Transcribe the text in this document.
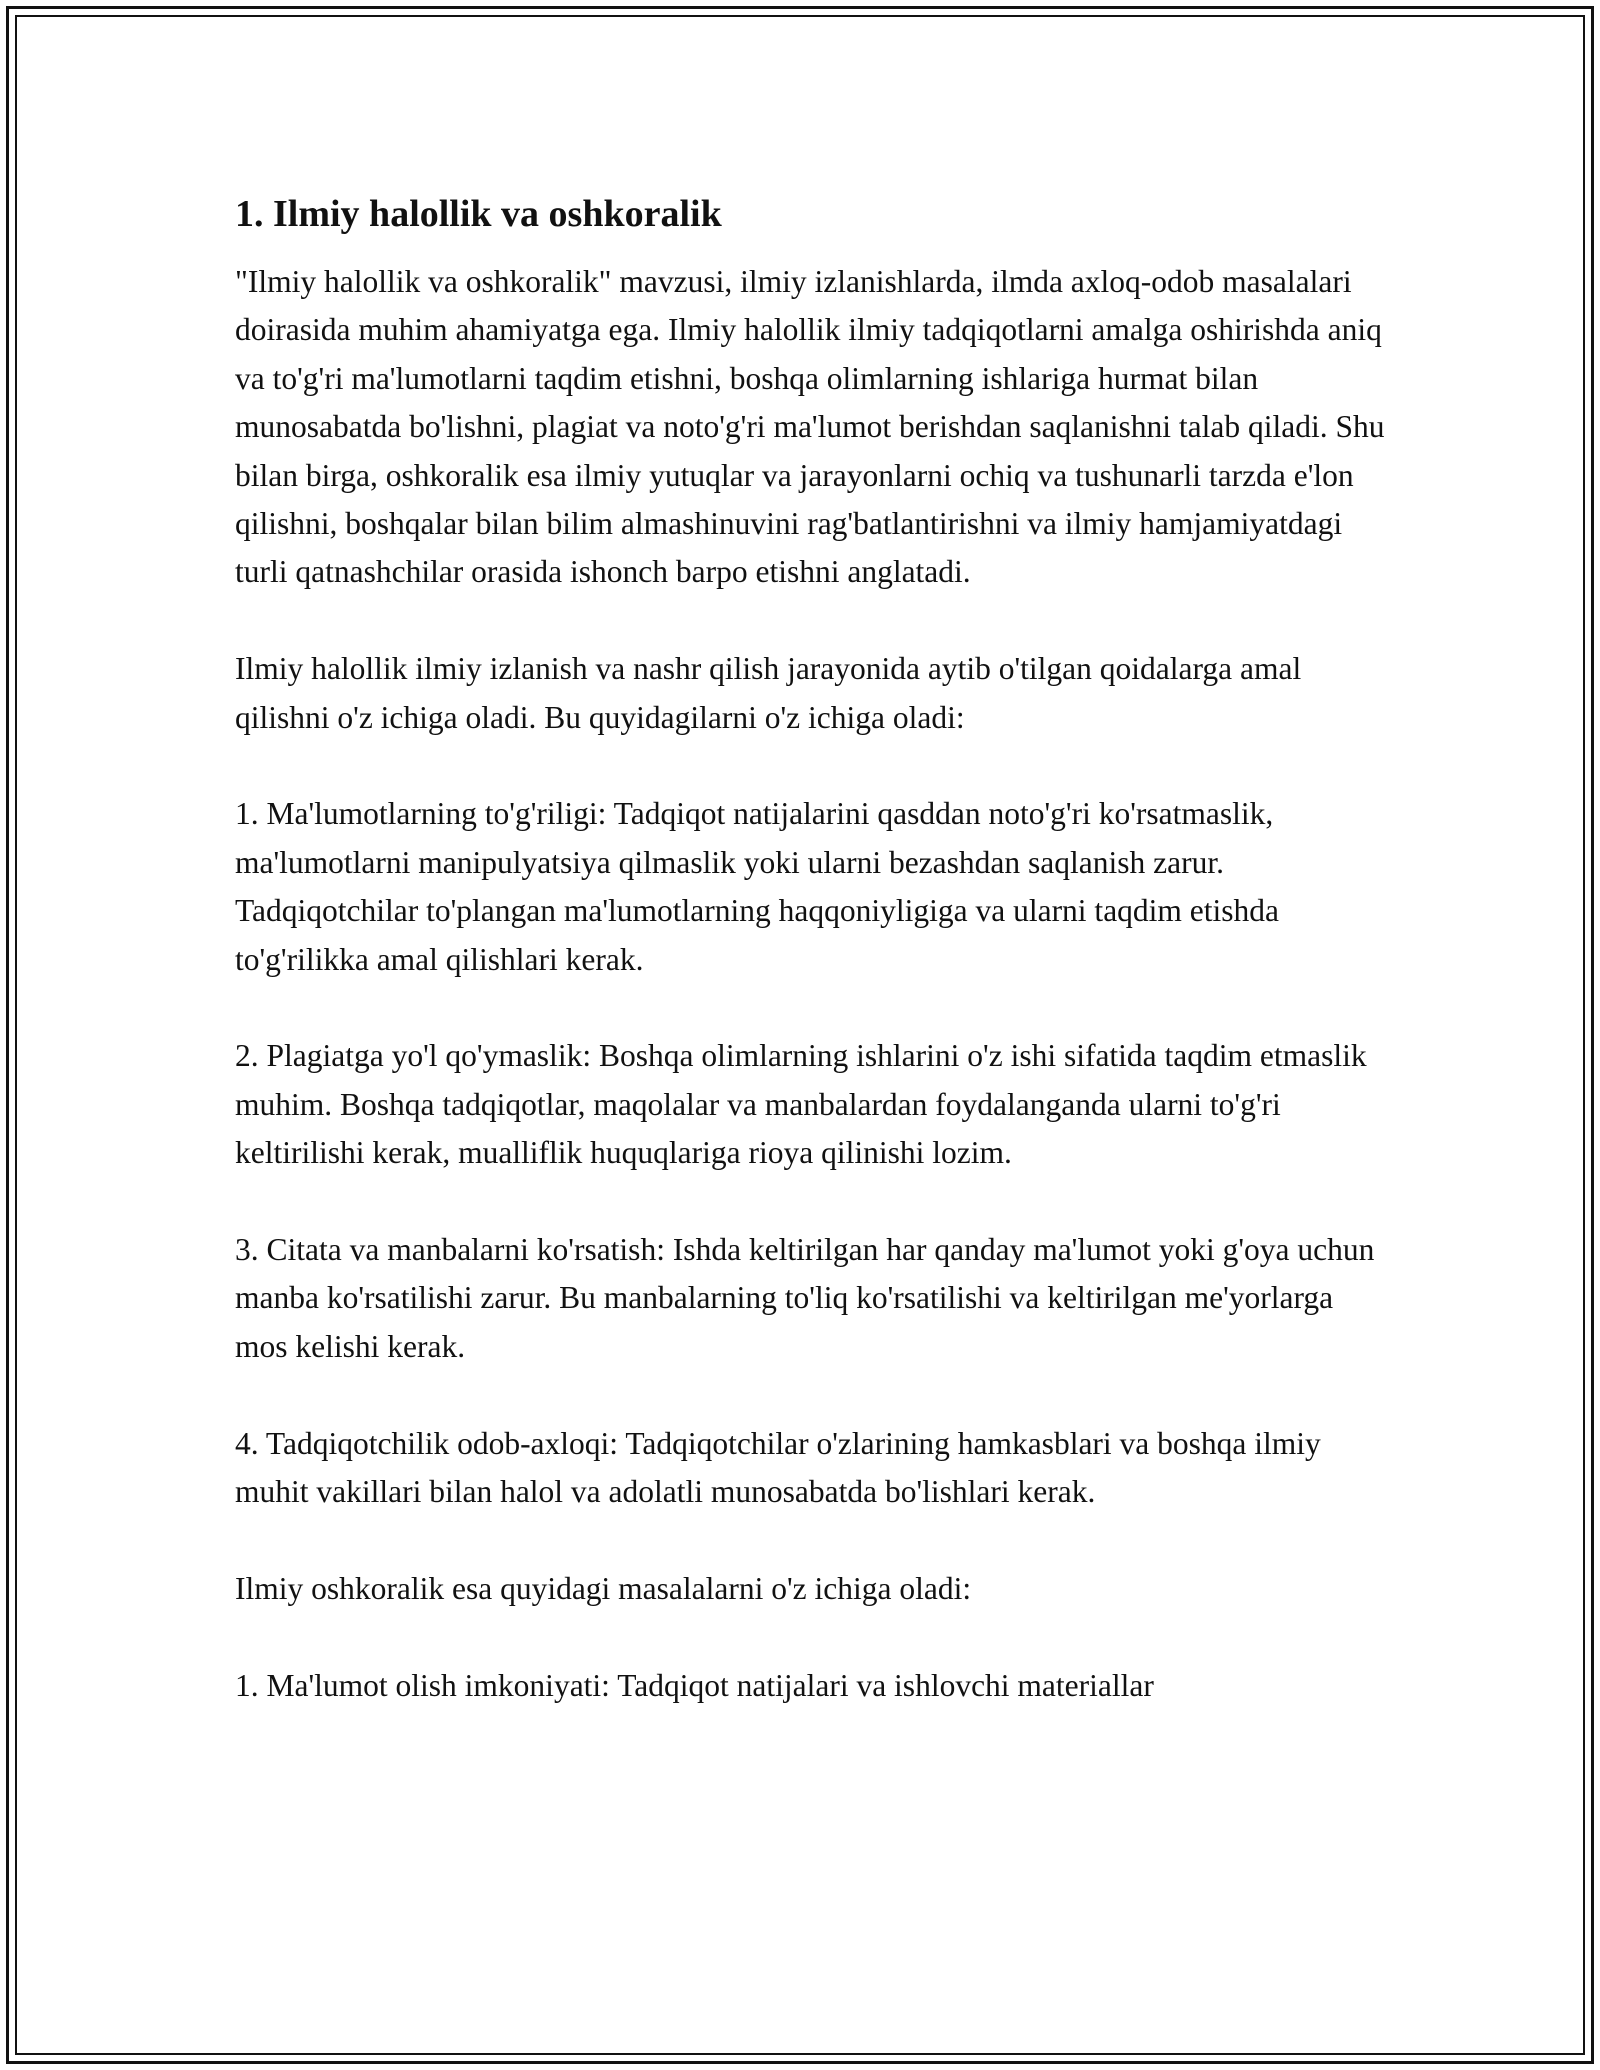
1. Ilmiy halollik va oshkoralik

"Ilmiy halollik va oshkoralik" mavzusi, ilmiy izlanishlarda, ilmda axloq-odob masalalari doirasida muhim ahamiyatga ega. Ilmiy halollik ilmiy tadqiqotlarni amalga oshirishda aniq va to'g'ri ma'lumotlarni taqdim etishni, boshqa olimlarning ishlariga hurmat bilan munosabatda bo'lishni, plagiat va noto'g'ri ma'lumot berishdan saqlanishni talab qiladi. Shu bilan birga, oshkoralik esa ilmiy yutuqlar va jarayonlarni ochiq va tushunarli tarzda e'lon qilishni, boshqalar bilan bilim almashinuvini rag'batlantirishni va ilmiy hamjamiyatdagi turli qatnashchilar orasida ishonch barpo etishni anglatadi.

Ilmiy halollik ilmiy izlanish va nashr qilish jarayonida aytib o'tilgan qoidalarga amal qilishni o'z ichiga oladi. Bu quyidagilarni o'z ichiga oladi:

1. Ma'lumotlarning to'g'riligi: Tadqiqot natijalarini qasddan noto'g'ri ko'rsatmaslik, ma'lumotlarni manipulyatsiya qilmaslik yoki ularni bezashdan saqlanish zarur. Tadqiqotchilar to'plangan ma'lumotlarning haqqoniyligiga va ularni taqdim etishda to'g'rilikka amal qilishlari kerak.

2. Plagiatga yo'l qo'ymaslik: Boshqa olimlarning ishlarini o'z ishi sifatida taqdim etmaslik muhim. Boshqa tadqiqotlar, maqolalar va manbalardan foydalanganda ularni to'g'ri keltirilishi kerak, mualliflik huquqlariga rioya qilinishi lozim.

3. Citata va manbalarni ko'rsatish: Ishda keltirilgan har qanday ma'lumot yoki g'oya uchun manba ko'rsatilishi zarur. Bu manbalarning to'liq ko'rsatilishi va keltirilgan me'yorlarga mos kelishi kerak.

4. Tadqiqotchilik odob-axloqi: Tadqiqotchilar o'zlarining hamkasblari va boshqa ilmiy muhit vakillari bilan halol va adolatli munosabatda bo'lishlari kerak.

Ilmiy oshkoralik esa quyidagi masalalarni o'z ichiga oladi:

1. Ma'lumot olish imkoniyati: Tadqiqot natijalari va ishlovchi materiallar
